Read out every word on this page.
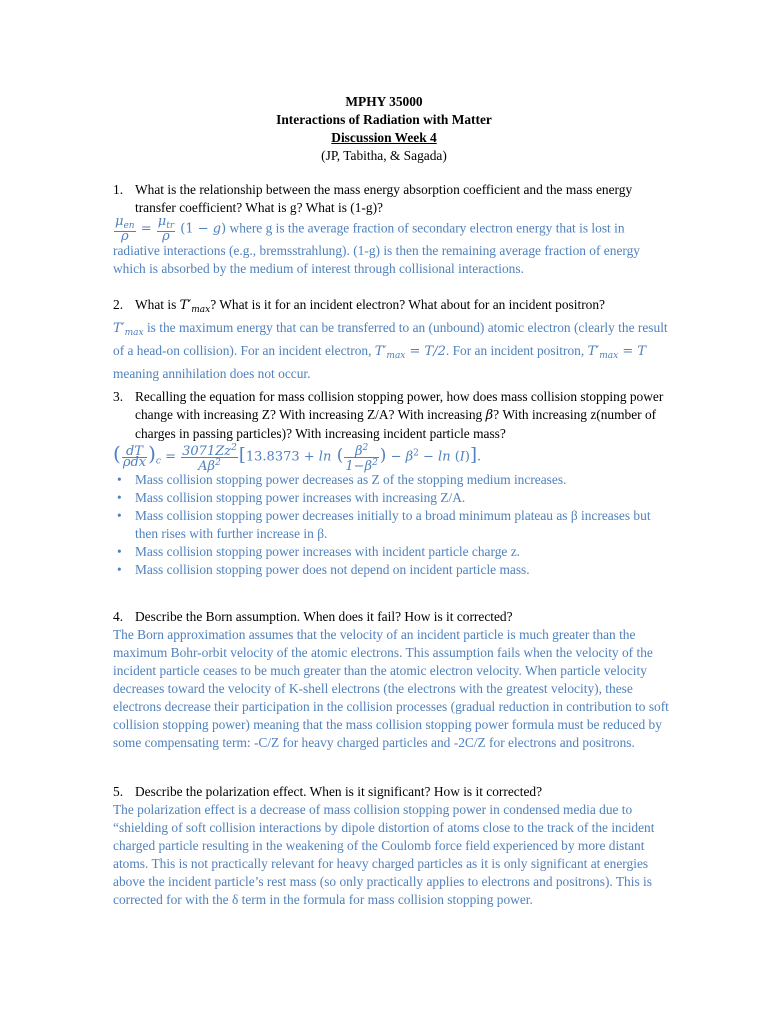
MPHY 35000
Interactions of Radiation with Matter
Discussion Week 4
(JP, Tabitha, & Sagada)
1. What is the relationship between the mass energy absorption coefficient and the mass energy transfer coefficient? What is g? What is (1-g)?
$\frac{\mu_{en}}{\rho} = \frac{\mu_{tr}}{\rho} (1 - g)$ where g is the average fraction of secondary electron energy that is lost in radiative interactions (e.g., bremsstrahlung). (1-g) is then the remaining average fraction of energy which is absorbed by the medium of interest through collisional interactions.
2. What is $T'_{max}$? What is it for an incident electron? What about for an incident positron?
$T'_{max}$ is the maximum energy that can be transferred to an (unbound) atomic electron (clearly the result of a head-on collision). For an incident electron, $T'_{max} = T/2$. For an incident positron, $T'_{max} = T$ meaning annihilation does not occur.
3. Recalling the equation for mass collision stopping power, how does mass collision stopping power change with increasing Z? With increasing Z/A? With increasing β? With increasing z(number of charges in passing particles)? With increasing incident particle mass?
( $\frac{dT}{\text{ρdx}} )_c = \frac{3071Zz^2}{A\beta^2} [13.8373 + \ln$ ( $\frac{\beta^2}{1-\beta^2}$ ) − $\beta^2 - \ln (I)$].
• Mass collision stopping power decreases as Z of the stopping medium increases.
• Mass collision stopping power increases with increasing Z/A.
• Mass collision stopping power decreases initially to a broad minimum plateau as β increases but then rises with further increase in β.
• Mass collision stopping power increases with incident particle charge z.
• Mass collision stopping power does not depend on incident particle mass.
4. Describe the Born assumption. When does it fail? How is it corrected?
The Born approximation assumes that the velocity of an incident particle is much greater than the maximum Bohr-orbit velocity of the atomic electrons. This assumption fails when the velocity of the incident particle ceases to be much greater than the atomic electron velocity. When particle velocity decreases toward the velocity of K-shell electrons (the electrons with the greatest velocity), these electrons decrease their participation in the collision processes (gradual reduction in contribution to soft collision stopping power) meaning that the mass collision stopping power formula must be reduced by some compensating term: -C/Z for heavy charged particles and -2C/Z for electrons and positrons.
5. Describe the polarization effect. When is it significant? How is it corrected?
The polarization effect is a decrease of mass collision stopping power in condensed media due to “shielding of soft collision interactions by dipole distortion of atoms close to the track of the incident charged particle resulting in the weakening of the Coulomb force field experienced by more distant atoms. This is not practically relevant for heavy charged particles as it is only significant at energies above the incident particle’s rest mass (so only practically applies to electrons and positrons). This is corrected for with the δ term in the formula for mass collision stopping power.
